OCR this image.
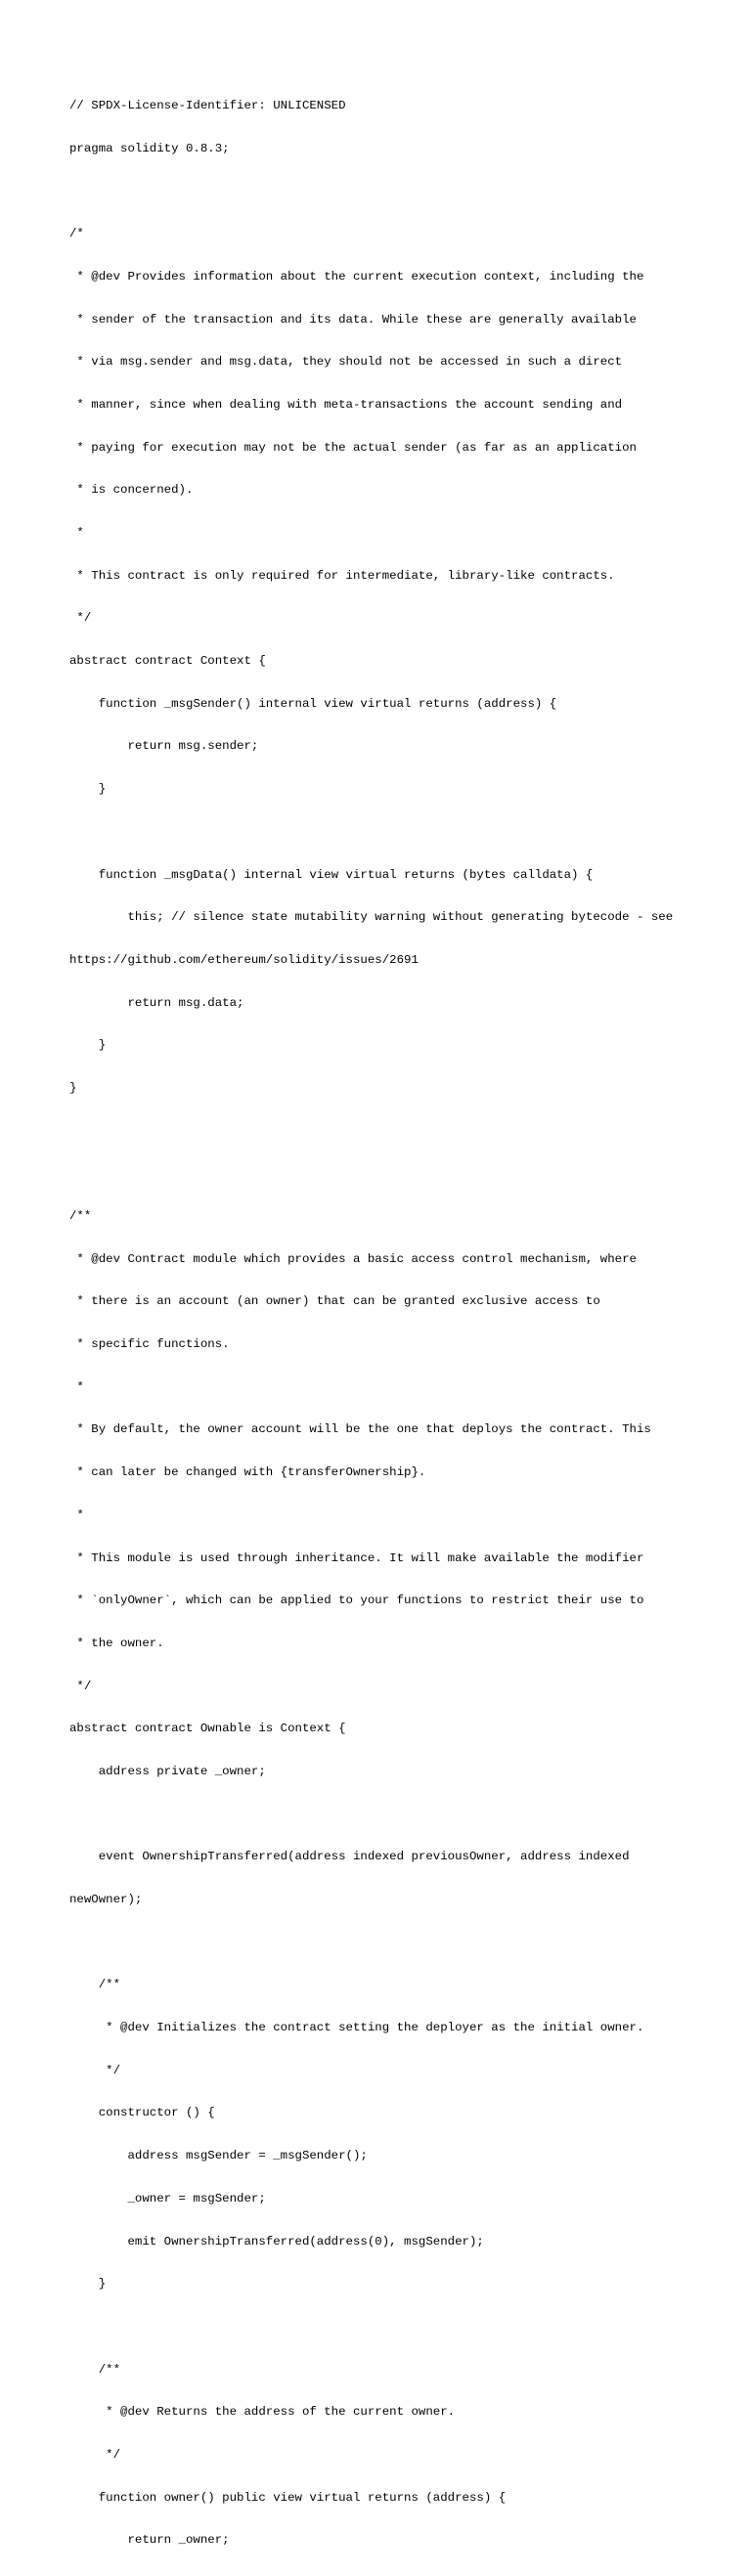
// SPDX-License-Identifier: UNLICENSED

pragma solidity 0.8.3;

/*

* @dev Provides information about the current execution context, including the

* sender of the transaction and its data. While these are generally available

* via msg.sender and msg.data, they should not be accessed in such a direct

* manner, since when dealing with meta-transactions the account sending and

* paying for execution may not be the actual sender (as far as an application

* is concerned).

*

* This contract is only required for intermediate, library-like contracts.

*/

abstract contract Context {

function _msgSender() internal view virtual returns (address) {

return msg.sender;

}

function _msgData() internal view virtual returns (bytes calldata) {

this; // silence state mutability warning without generating bytecode - see

https://github.com/ethereum/solidity/issues/2691

return msg.data;

}

}

/**

* @dev Contract module which provides a basic access control mechanism, where

* there is an account (an owner) that can be granted exclusive access to

* specific functions.

*

* By default, the owner account will be the one that deploys the contract. This

* can later be changed with {transferOwnership}.

*

* This module is used through inheritance. It will make available the modifier

* `onlyOwner`, which can be applied to your functions to restrict their use to

* the owner.

*/

abstract contract Ownable is Context {

address private _owner;

event OwnershipTransferred(address indexed previousOwner, address indexed

newOwner);

/**

* @dev Initializes the contract setting the deployer as the initial owner.

*/

constructor () {

address msgSender = _msgSender();

_owner = msgSender;

emit OwnershipTransferred(address(0), msgSender);

}

/**

* @dev Returns the address of the current owner.

*/

function owner() public view virtual returns (address) {

return _owner;
